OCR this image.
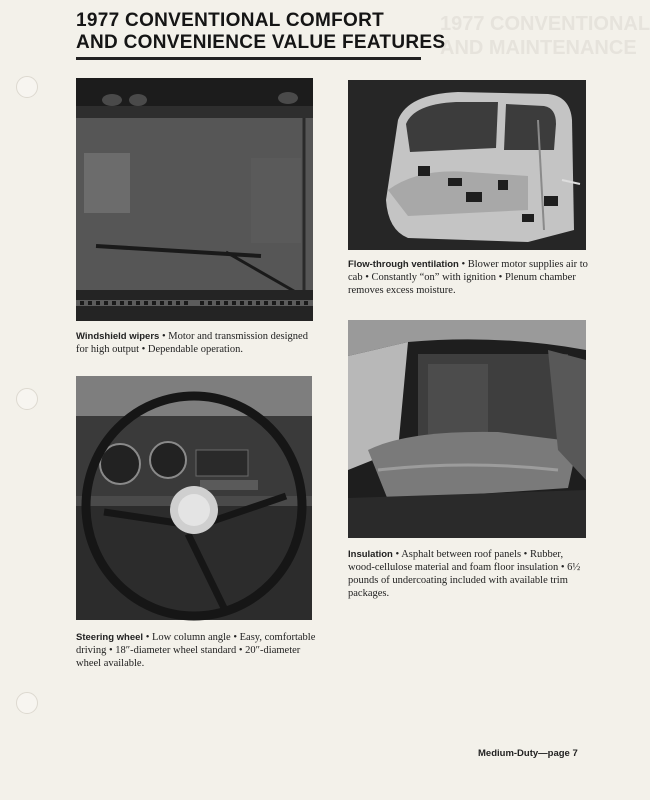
1977 CONVENTIONAL
AND MAINTENANCE
1977 CONVENTIONAL COMFORT
AND CONVENIENCE VALUE FEATURES
Windshield wipers • Motor and transmission designed for high output • Dependable operation.
Flow-through ventilation • Blower motor supplies air to cab • Constantly “on” with ignition • Plenum chamber removes excess moisture.
Insulation • Asphalt between roof panels • Rubber, wood-cellulose material and foam floor insulation • 6½ pounds of undercoating included with available trim packages.
Steering wheel • Low column angle • Easy, comfortable driving • 18″-diameter wheel standard • 20″-diameter wheel available.
Medium-Duty—page 7
